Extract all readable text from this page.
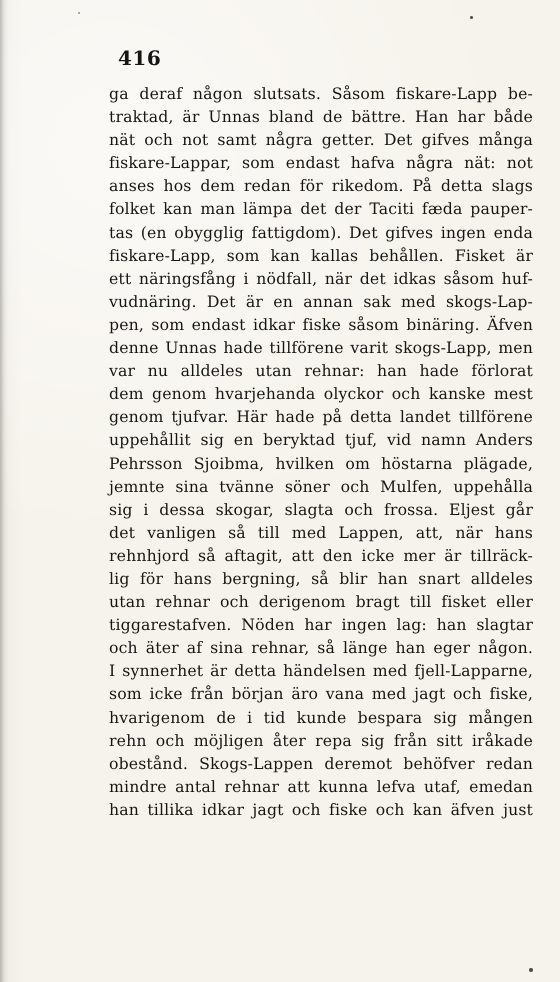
416
ga deraf någon slutsats. Såsom fiskare-Lapp be-
traktad, är Unnas bland de bättre. Han har både
nät och not samt några getter. Det gifves många
fiskare-Lappar, som endast hafva några nät: not
anses hos dem redan för rikedom. På detta slags
folket kan man lämpa det der Taciti fæda pauper-
tas (en obygglig fattigdom). Det gifves ingen enda
fiskare-Lapp, som kan kallas behållen. Fisket är
ett näringsfång i nödfall, när det idkas såsom huf-
vudnäring. Det är en annan sak med skogs-Lap-
pen, som endast idkar fiske såsom binäring. Äfven
denne Unnas hade tillförene varit skogs-Lapp, men
var nu alldeles utan rehnar: han hade förlorat
dem genom hvarjehanda olyckor och kanske mest
genom tjufvar. Här hade på detta landet tillförene
uppehållit sig en beryktad tjuf, vid namn Anders
Pehrsson Sjoibma, hvilken om höstarna plägade,
jemnte sina tvänne söner och Mulfen, uppehålla
sig i dessa skogar, slagta och frossa. Eljest går
det vanligen så till med Lappen, att, när hans
rehnhjord så aftagit, att den icke mer är tillräck-
lig för hans bergning, så blir han snart alldeles
utan rehnar och derigenom bragt till fisket eller
tiggarestafven. Nöden har ingen lag: han slagtar
och äter af sina rehnar, så länge han eger någon.
I synnerhet är detta händelsen med fjell-Lapparne,
som icke från början äro vana med jagt och fiske,
hvarigenom de i tid kunde bespara sig mången
rehn och möjligen åter repa sig från sitt iråkade
obestånd. Skogs-Lappen deremot behöfver redan
mindre antal rehnar att kunna lefva utaf, emedan
han tillika idkar jagt och fiske och kan äfven just
